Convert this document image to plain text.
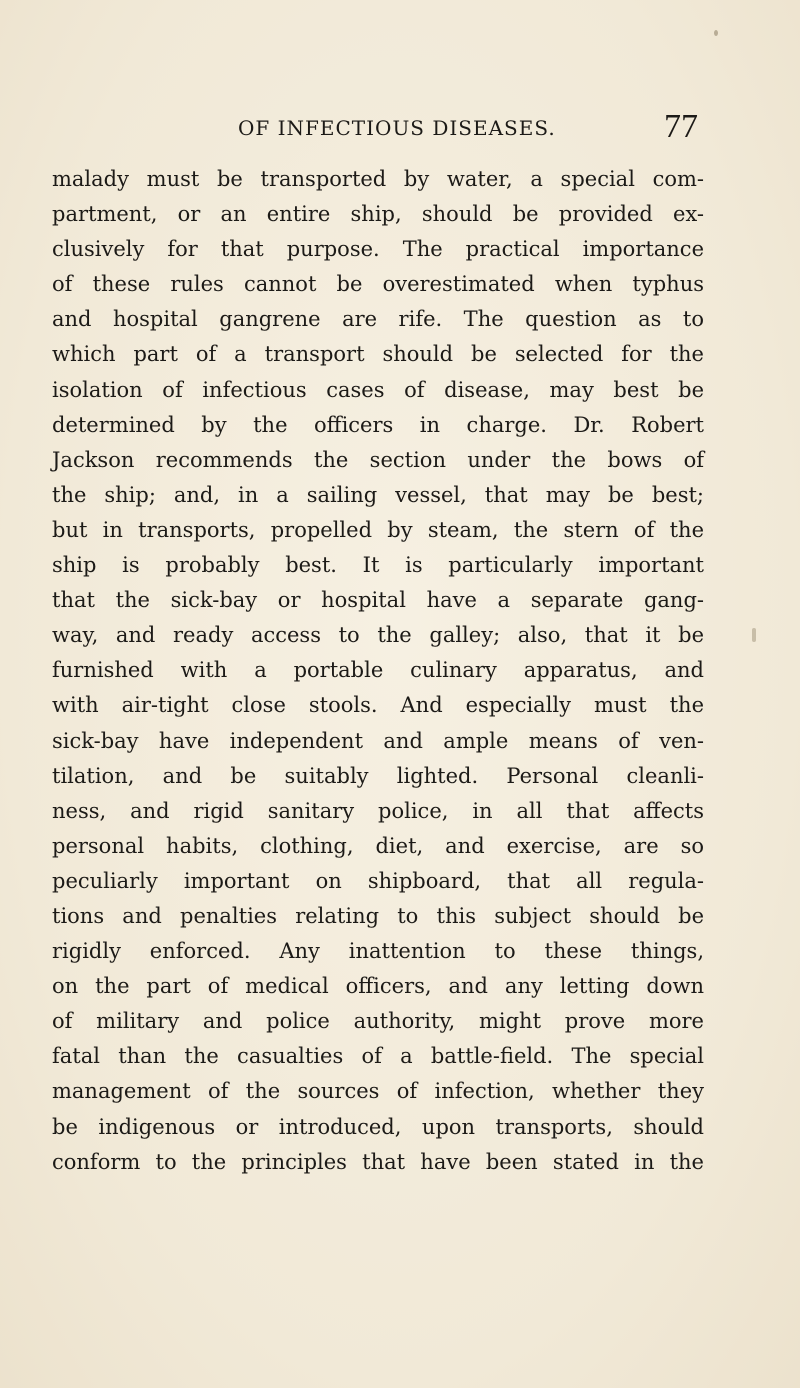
OF INFECTIOUS DISEASES.	77
malady must be transported by water, a special com-
partment, or an entire ship, should be provided ex-
clusively for that purpose. The practical importance
of these rules cannot be overestimated when typhus
and hospital gangrene are rife. The question as to
which part of a transport should be selected for the
isolation of infectious cases of disease, may best be
determined by the officers in charge. Dr. Robert
Jackson recommends the section under the bows of
the ship; and, in a sailing vessel, that may be best;
but in transports, propelled by steam, the stern of the
ship is probably best. It is particularly important
that the sick-bay or hospital have a separate gang-
way, and ready access to the galley; also, that it be
furnished with a portable culinary apparatus, and
with air-tight close stools. And especially must the
sick-bay have independent and ample means of ven-
tilation, and be suitably lighted. Personal cleanli-
ness, and rigid sanitary police, in all that affects
personal habits, clothing, diet, and exercise, are so
peculiarly important on shipboard, that all regula-
tions and penalties relating to this subject should be
rigidly enforced. Any inattention to these things,
on the part of medical officers, and any letting down
of military and police authority, might prove more
fatal than the casualties of a battle-field. The special
management of the sources of infection, whether they
be indigenous or introduced, upon transports, should
conform to the principles that have been stated in the
